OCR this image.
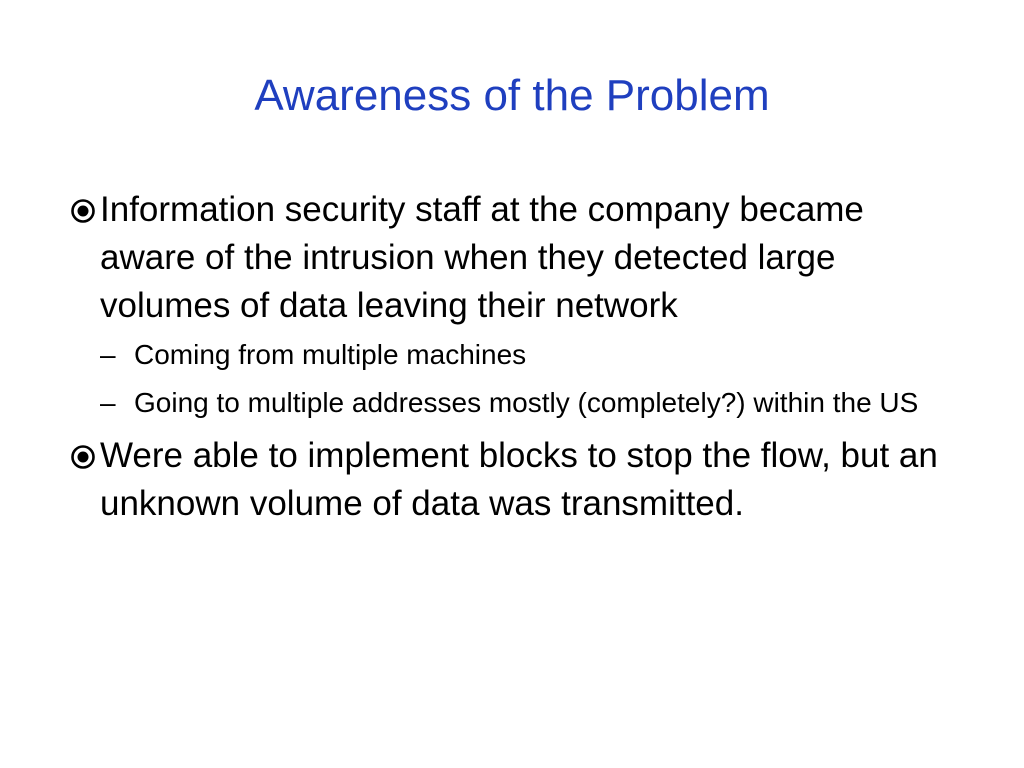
Awareness of the Problem

Information security staff at the company became aware of the intrusion when they detected large volumes of data leaving their network

– Coming from multiple machines

– Going to multiple addresses mostly (completely?) within the US

Were able to implement blocks to stop the flow, but an unknown volume of data was transmitted.
